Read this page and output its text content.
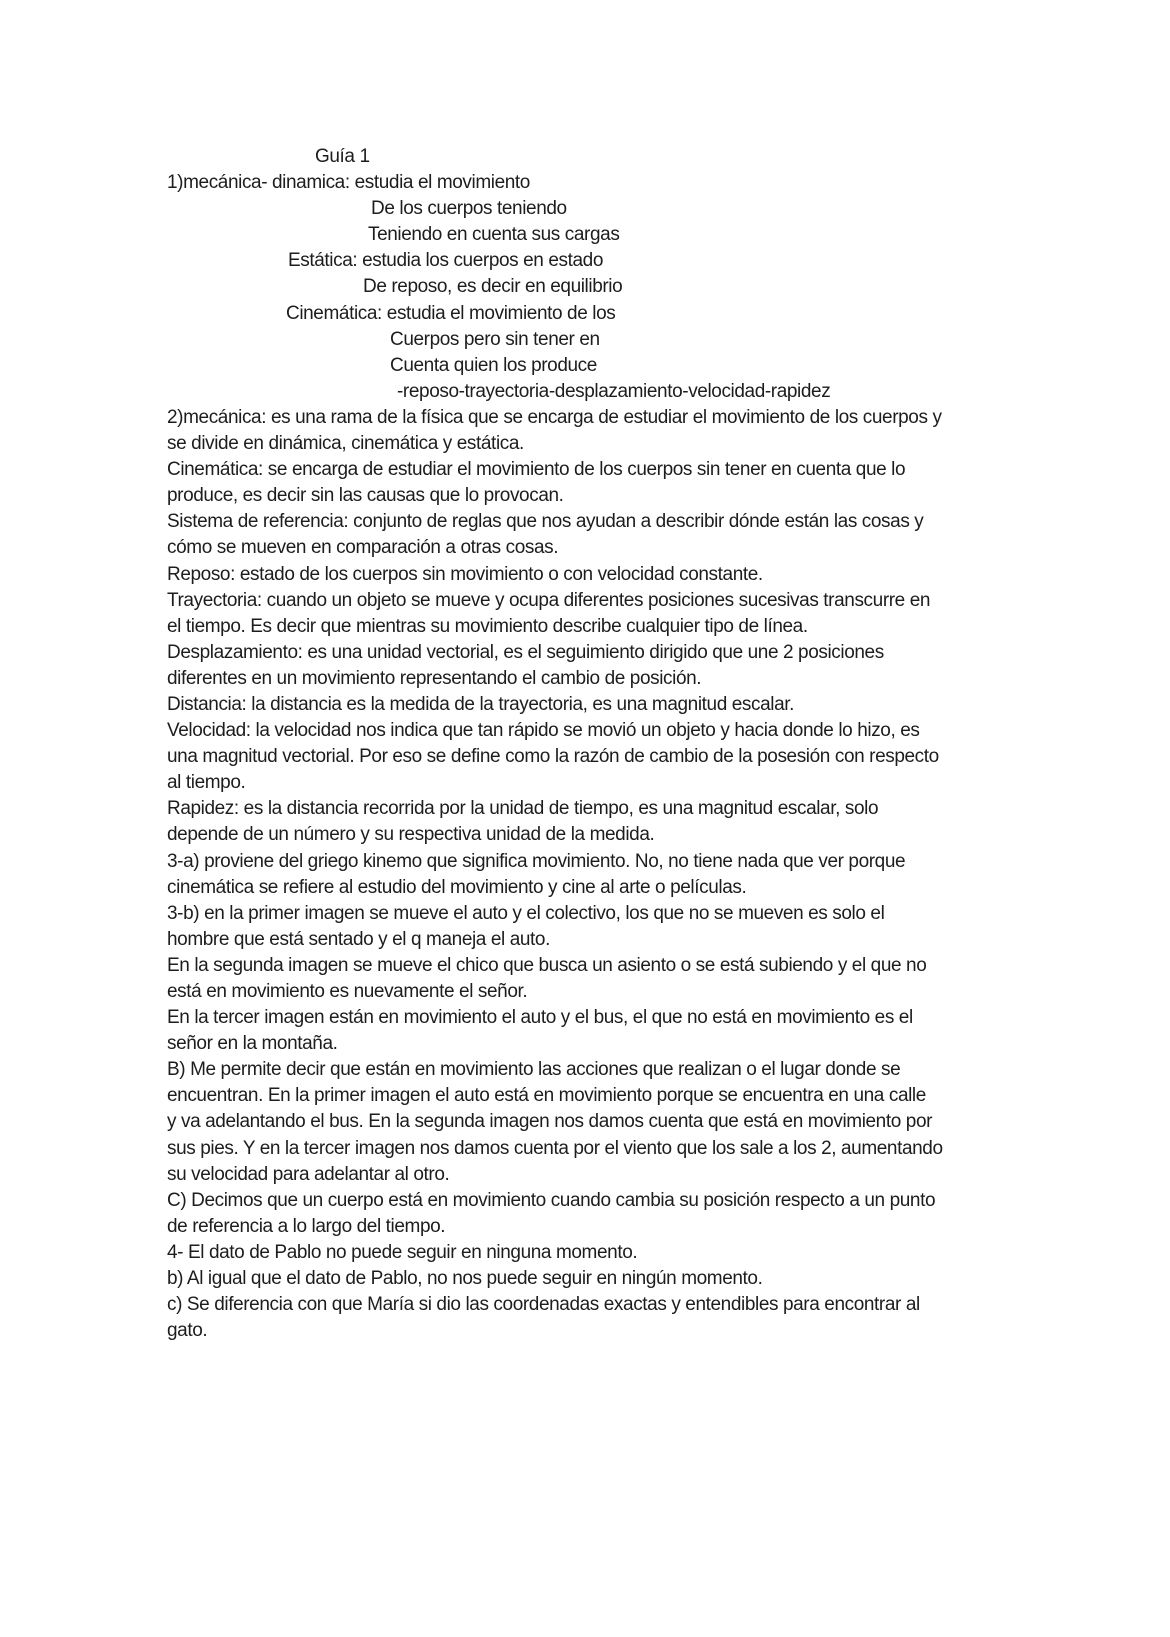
Guía 1
1)mecánica- dinamica: estudia el movimiento
De los cuerpos teniendo
Teniendo en cuenta sus cargas
Estática: estudia los cuerpos en estado
De reposo, es decir en equilibrio
Cinemática: estudia el movimiento de los
Cuerpos pero sin tener en
Cuenta quien los produce
-reposo-trayectoria-desplazamiento-velocidad-rapidez
2)mecánica: es una rama de la física que se encarga de estudiar el movimiento de los cuerpos y
se divide en dinámica, cinemática y estática.
Cinemática: se encarga de estudiar el movimiento de los cuerpos sin tener en cuenta que lo
produce, es decir sin las causas que lo provocan.
Sistema de referencia: conjunto de reglas que nos ayudan a describir dónde están las cosas y
cómo se mueven en comparación a otras cosas.
Reposo: estado de los cuerpos sin movimiento o con velocidad constante.
Trayectoria: cuando un objeto se mueve y ocupa diferentes posiciones sucesivas transcurre en
el tiempo. Es decir que mientras su movimiento describe cualquier tipo de línea.
Desplazamiento: es una unidad vectorial, es el seguimiento dirigido que une 2 posiciones
diferentes en un movimiento representando el cambio de posición.
Distancia: la distancia es la medida de la trayectoria, es una magnitud escalar.
Velocidad: la velocidad nos indica que tan rápido se movió un objeto y hacia donde lo hizo, es
una magnitud vectorial. Por eso se define como la razón de cambio de la posesión con respecto
al tiempo.
Rapidez: es la distancia recorrida por la unidad de tiempo, es una magnitud escalar, solo
depende de un número y su respectiva unidad de la medida.
3-a) proviene del griego kinemo que significa movimiento. No, no tiene nada que ver porque
cinemática se refiere al estudio del movimiento y cine al arte o películas.
3-b) en la primer imagen se mueve el auto y el colectivo, los que no se mueven es solo el
hombre que está sentado y el q maneja el auto.
En la segunda imagen se mueve el chico que busca un asiento o se está subiendo y el que no
está en movimiento es nuevamente el señor.
En la tercer imagen están en movimiento el auto y el bus, el que no está en movimiento es el
señor en la montaña.
B) Me permite decir que están en movimiento las acciones que realizan o el lugar donde se
encuentran. En la primer imagen el auto está en movimiento porque se encuentra en una calle
y va adelantando el bus. En la segunda imagen nos damos cuenta que está en movimiento por
sus pies. Y en la tercer imagen nos damos cuenta por el viento que los sale a los 2, aumentando
su velocidad para adelantar al otro.
C) Decimos que un cuerpo está en movimiento cuando cambia su posición respecto a un punto
de referencia a lo largo del tiempo.
4- El dato de Pablo no puede seguir en ninguna momento.
b) Al igual que el dato de Pablo, no nos puede seguir en ningún momento.
c) Se diferencia con que María si dio las coordenadas exactas y entendibles para encontrar al
gato.
